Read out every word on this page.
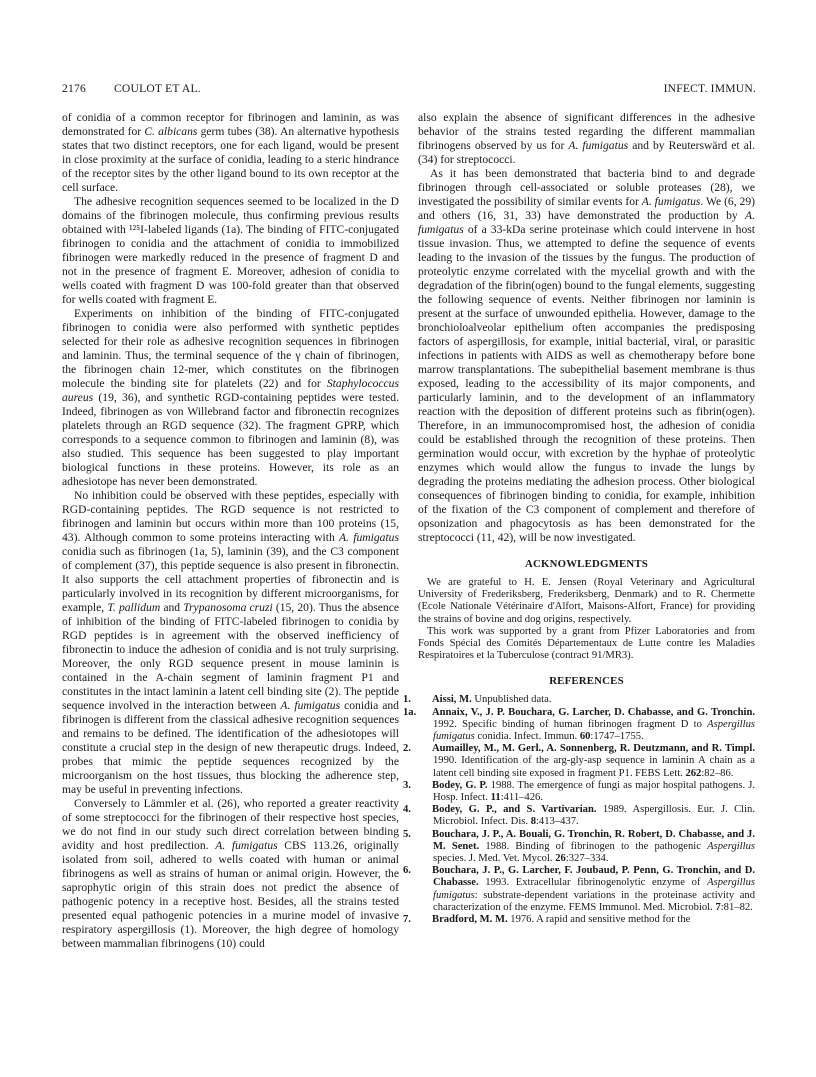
2176 COULOT ET AL.	INFECT. IMMUN.

of conidia of a common receptor for fibrinogen and laminin, as was demonstrated for C. albicans germ tubes (38). An alternative hypothesis states that two distinct receptors, one for each ligand, would be present in close proximity at the surface of conidia, leading to a steric hindrance of the receptor sites by the other ligand bound to its own receptor at the cell surface.

The adhesive recognition sequences seemed to be localized in the D domains of the fibrinogen molecule, thus confirming previous results obtained with ¹²⁵I-labeled ligands (1a). The binding of FITC-conjugated fibrinogen to conidia and the attachment of conidia to immobilized fibrinogen were markedly reduced in the presence of fragment D and not in the presence of fragment E. Moreover, adhesion of conidia to wells coated with fragment D was 100-fold greater than that observed for wells coated with fragment E.

Experiments on inhibition of the binding of FITC-conjugated fibrinogen to conidia were also performed with synthetic peptides selected for their role as adhesive recognition sequences in fibrinogen and laminin. Thus, the terminal sequence of the γ chain of fibrinogen, the fibrinogen chain 12-mer, which constitutes on the fibrinogen molecule the binding site for platelets (22) and for Staphylococcus aureus (19, 36), and synthetic RGD-containing peptides were tested. Indeed, fibrinogen as von Willebrand factor and fibronectin recognizes platelets through an RGD sequence (32). The fragment GPRP, which corresponds to a sequence common to fibrinogen and laminin (8), was also studied. This sequence has been suggested to play important biological functions in these proteins. However, its role as an adhesiotope has never been demonstrated.

No inhibition could be observed with these peptides, especially with RGD-containing peptides. The RGD sequence is not restricted to fibrinogen and laminin but occurs within more than 100 proteins (15, 43). Although common to some proteins interacting with A. fumigatus conidia such as fibrinogen (1a, 5), laminin (39), and the C3 component of complement (37), this peptide sequence is also present in fibronectin. It also supports the cell attachment properties of fibronectin and is particularly involved in its recognition by different microorganisms, for example, T. pallidum and Trypanosoma cruzi (15, 20). Thus the absence of inhibition of the binding of FITC-labeled fibrinogen to conidia by RGD peptides is in agreement with the observed inefficiency of fibronectin to induce the adhesion of conidia and is not truly surprising. Moreover, the only RGD sequence present in mouse laminin is contained in the A-chain segment of laminin fragment P1 and constitutes in the intact laminin a latent cell binding site (2). The peptide sequence involved in the interaction between A. fumigatus conidia and fibrinogen is different from the classical adhesive recognition sequences and remains to be defined. The identification of the adhesiotopes will constitute a crucial step in the design of new therapeutic drugs. Indeed, probes that mimic the peptide sequences recognized by the microorganism on the host tissues, thus blocking the adherence step, may be useful in preventing infections.

Conversely to Lämmler et al. (26), who reported a greater reactivity of some streptococci for the fibrinogen of their respective host species, we do not find in our study such direct correlation between binding avidity and host predilection. A. fumigatus CBS 113.26, originally isolated from soil, adhered to wells coated with human or animal fibrinogens as well as strains of human or animal origin. However, the saprophytic origin of this strain does not predict the absence of pathogenic potency in a receptive host. Besides, all the strains tested presented equal pathogenic potencies in a murine model of invasive respiratory aspergillosis (1). Moreover, the high degree of homology between mammalian fibrinogens (10) could

also explain the absence of significant differences in the adhesive behavior of the strains tested regarding the different mammalian fibrinogens observed by us for A. fumigatus and by Reuterswärd et al. (34) for streptococci.

As it has been demonstrated that bacteria bind to and degrade fibrinogen through cell-associated or soluble proteases (28), we investigated the possibility of similar events for A. fumigatus. We (6, 29) and others (16, 31, 33) have demonstrated the production by A. fumigatus of a 33-kDa serine proteinase which could intervene in host tissue invasion. Thus, we attempted to define the sequence of events leading to the invasion of the tissues by the fungus. The production of proteolytic enzyme correlated with the mycelial growth and with the degradation of the fibrin(ogen) bound to the fungal elements, suggesting the following sequence of events. Neither fibrinogen nor laminin is present at the surface of unwounded epithelia. However, damage to the bronchioloalveolar epithelium often accompanies the predisposing factors of aspergillosis, for example, initial bacterial, viral, or parasitic infections in patients with AIDS as well as chemotherapy before bone marrow transplantations. The subepithelial basement membrane is thus exposed, leading to the accessibility of its major components, and particularly laminin, and to the development of an inflammatory reaction with the deposition of different proteins such as fibrin(ogen). Therefore, in an immunocompromised host, the adhesion of conidia could be established through the recognition of these proteins. Then germination would occur, with excretion by the hyphae of proteolytic enzymes which would allow the fungus to invade the lungs by degrading the proteins mediating the adhesion process. Other biological consequences of fibrinogen binding to conidia, for example, inhibition of the fixation of the C3 component of complement and therefore of opsonization and phagocytosis as has been demonstrated for the streptococci (11, 42), will be now investigated.

ACKNOWLEDGMENTS

We are grateful to H. E. Jensen (Royal Veterinary and Agricultural University of Frederiksberg, Frederiksberg, Denmark) and to R. Chermette (Ecole Nationale Vétérinaire d'Alfort, Maisons-Alfort, France) for providing the strains of bovine and dog origins, respectively.

This work was supported by a grant from Pfizer Laboratories and from Fonds Spécial des Comités Départementaux de Lutte contre les Maladies Respiratoires et la Tuberculose (contract 91/MR3).

REFERENCES
1. Aissi, M. Unpublished data.
1a. Annaix, V., J. P. Bouchara, G. Larcher, D. Chabasse, and G. Tronchin. 1992. Specific binding of human fibrinogen fragment D to Aspergillus fumigatus conidia. Infect. Immun. 60:1747–1755.
2. Aumailley, M., M. Gerl., A. Sonnenberg, R. Deutzmann, and R. Timpl. 1990. Identification of the arg-gly-asp sequence in laminin A chain as a latent cell binding site exposed in fragment P1. FEBS Lett. 262:82–86.
3. Bodey, G. P. 1988. The emergence of fungi as major hospital pathogens. J. Hosp. Infect. 11:411–426.
4. Bodey, G. P., and S. Vartivarian. 1989. Aspergillosis. Eur. J. Clin. Microbiol. Infect. Dis. 8:413–437.
5. Bouchara, J. P., A. Bouali, G. Tronchin, R. Robert, D. Chabasse, and J. M. Senet. 1988. Binding of fibrinogen to the pathogenic Aspergillus species. J. Med. Vet. Mycol. 26:327–334.
6. Bouchara, J. P., G. Larcher, F. Joubaud, P. Penn, G. Tronchin, and D. Chabasse. 1993. Extracellular fibrinogenolytic enzyme of Aspergillus fumigatus: substrate-dependent variations in the proteinase activity and characterization of the enzyme. FEMS Immunol. Med. Microbiol. 7:81–82.
7. Bradford, M. M. 1976. A rapid and sensitive method for the
